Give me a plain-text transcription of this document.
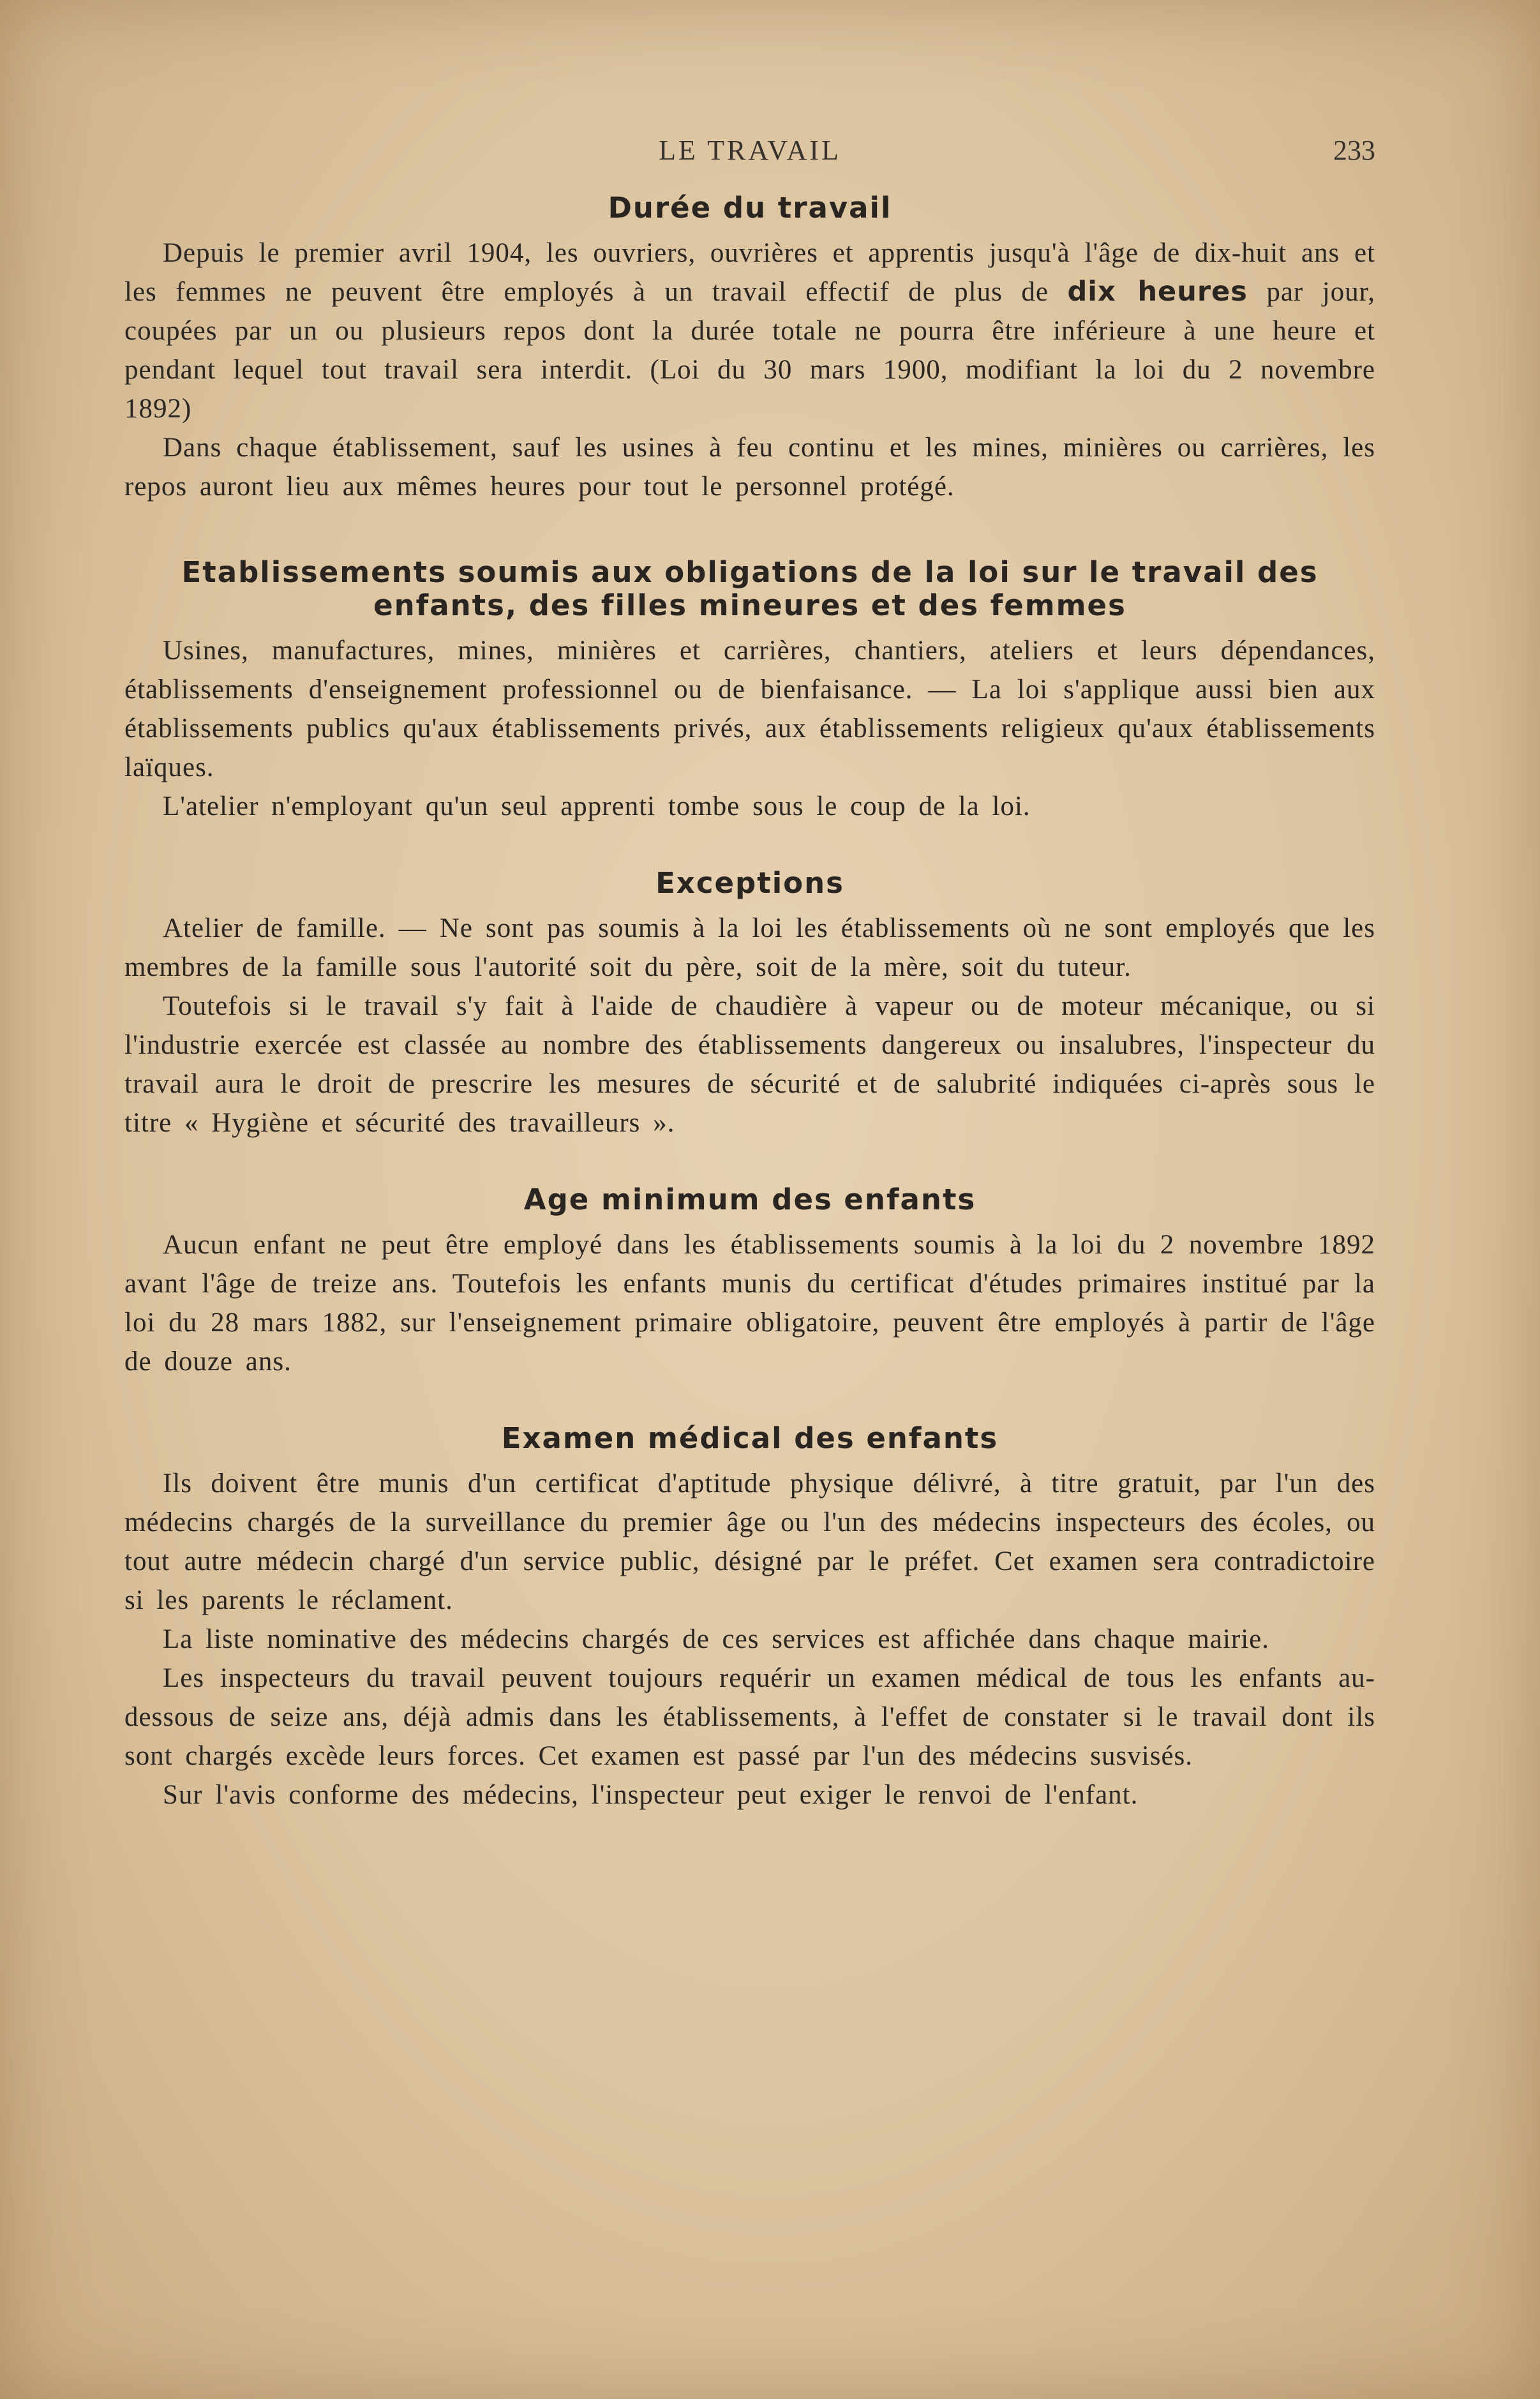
LE TRAVAIL	233
Durée du travail

Depuis le premier avril 1904, les ouvriers, ouvrières et apprentis jusqu'à l'âge de dix-huit ans et les femmes ne peuvent être employés à un travail effectif de plus de dix heures par jour, coupées par un ou plusieurs repos dont la durée totale ne pourra être inférieure à une heure et pendant lequel tout travail sera interdit. (Loi du 30 mars 1900, modifiant la loi du 2 novembre 1892)

Dans chaque établissement, sauf les usines à feu continu et les mines, minières ou carrières, les repos auront lieu aux mêmes heures pour tout le personnel protégé.

Etablissements soumis aux obligations de la loi sur le travail des
enfants, des filles mineures et des femmes

Usines, manufactures, mines, minières et carrières, chantiers, ateliers et leurs dépendances, établissements d'enseignement professionnel ou de bienfaisance. — La loi s'applique aussi bien aux établissements publics qu'aux établissements privés, aux établissements religieux qu'aux établissements laïques.

L'atelier n'employant qu'un seul apprenti tombe sous le coup de la loi.

Exceptions

Atelier de famille. — Ne sont pas soumis à la loi les établissements où ne sont employés que les membres de la famille sous l'autorité soit du père, soit de la mère, soit du tuteur.

Toutefois si le travail s'y fait à l'aide de chaudière à vapeur ou de moteur mécanique, ou si l'industrie exercée est classée au nombre des établissements dangereux ou insalubres, l'inspecteur du travail aura le droit de prescrire les mesures de sécurité et de salubrité indiquées ci-après sous le titre « Hygiène et sécurité des travailleurs ».

Age minimum des enfants

Aucun enfant ne peut être employé dans les établissements soumis à la loi du 2 novembre 1892 avant l'âge de treize ans. Toutefois les enfants munis du certificat d'études primaires institué par la loi du 28 mars 1882, sur l'enseignement primaire obligatoire, peuvent être employés à partir de l'âge de douze ans.

Examen médical des enfants

Ils doivent être munis d'un certificat d'aptitude physique délivré, à titre gratuit, par l'un des médecins chargés de la surveillance du premier âge ou l'un des médecins inspecteurs des écoles, ou tout autre médecin chargé d'un service public, désigné par le préfet. Cet examen sera contradictoire si les parents le réclament.

La liste nominative des médecins chargés de ces services est affichée dans chaque mairie.

Les inspecteurs du travail peuvent toujours requérir un examen médical de tous les enfants au-dessous de seize ans, déjà admis dans les établissements, à l'effet de constater si le travail dont ils sont chargés excède leurs forces. Cet examen est passé par l'un des médecins susvisés.

Sur l'avis conforme des médecins, l'inspecteur peut exiger le renvoi de l'enfant.
